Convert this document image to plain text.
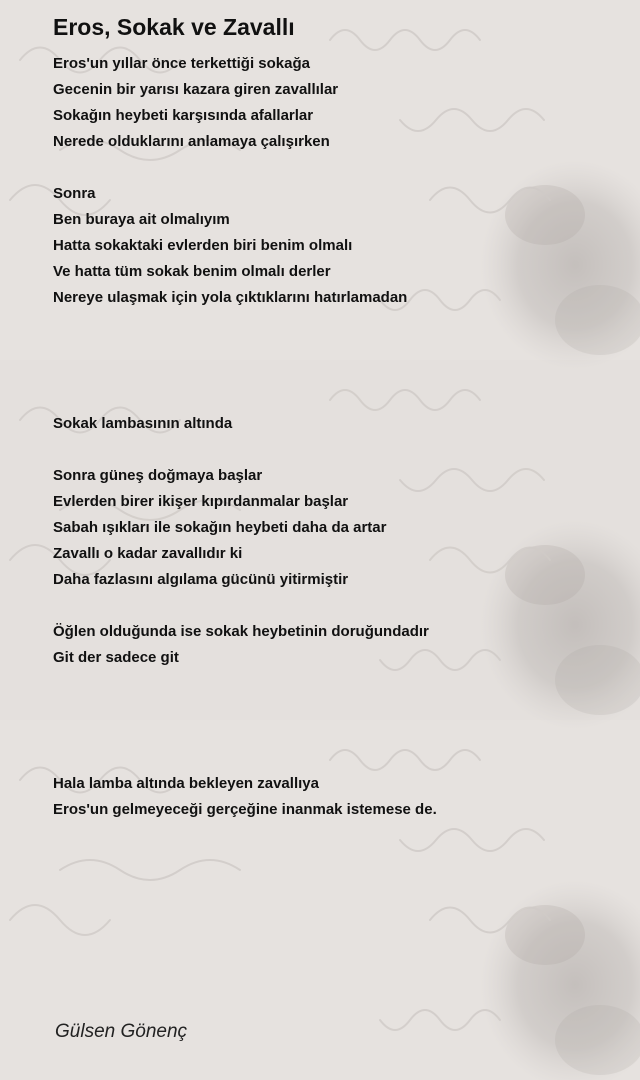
Eros, Sokak ve Zavallı
Eros'un yıllar önce terkettiği sokağa
Gecenin bir yarısı kazara giren zavallılar
Sokağın heybeti karşısında afallarlar
Nerede olduklarını anlamaya çalışırken
Sonra
Ben buraya ait olmalıyım
Hatta sokaktaki evlerden biri benim olmalı
Ve hatta tüm sokak benim olmalı derler
Nereye ulaşmak için yola çıktıklarını hatırlamadan
Sokak lambasının altında
Sonra güneş doğmaya başlar
Evlerden birer ikişer kıpırdanmalar başlar
Sabah ışıkları ile sokağın heybeti daha da artar
Zavallı o kadar zavallıdır ki
Daha fazlasını algılama gücünü yitirmiştir
Öğlen olduğunda ise sokak heybetinin doruğundadır
Git der sadece git
Hala lamba altında bekleyen zavallıya
Eros'un gelmeyeceği gerçeğine inanmak istemese de.
Gülsen Gönenç
